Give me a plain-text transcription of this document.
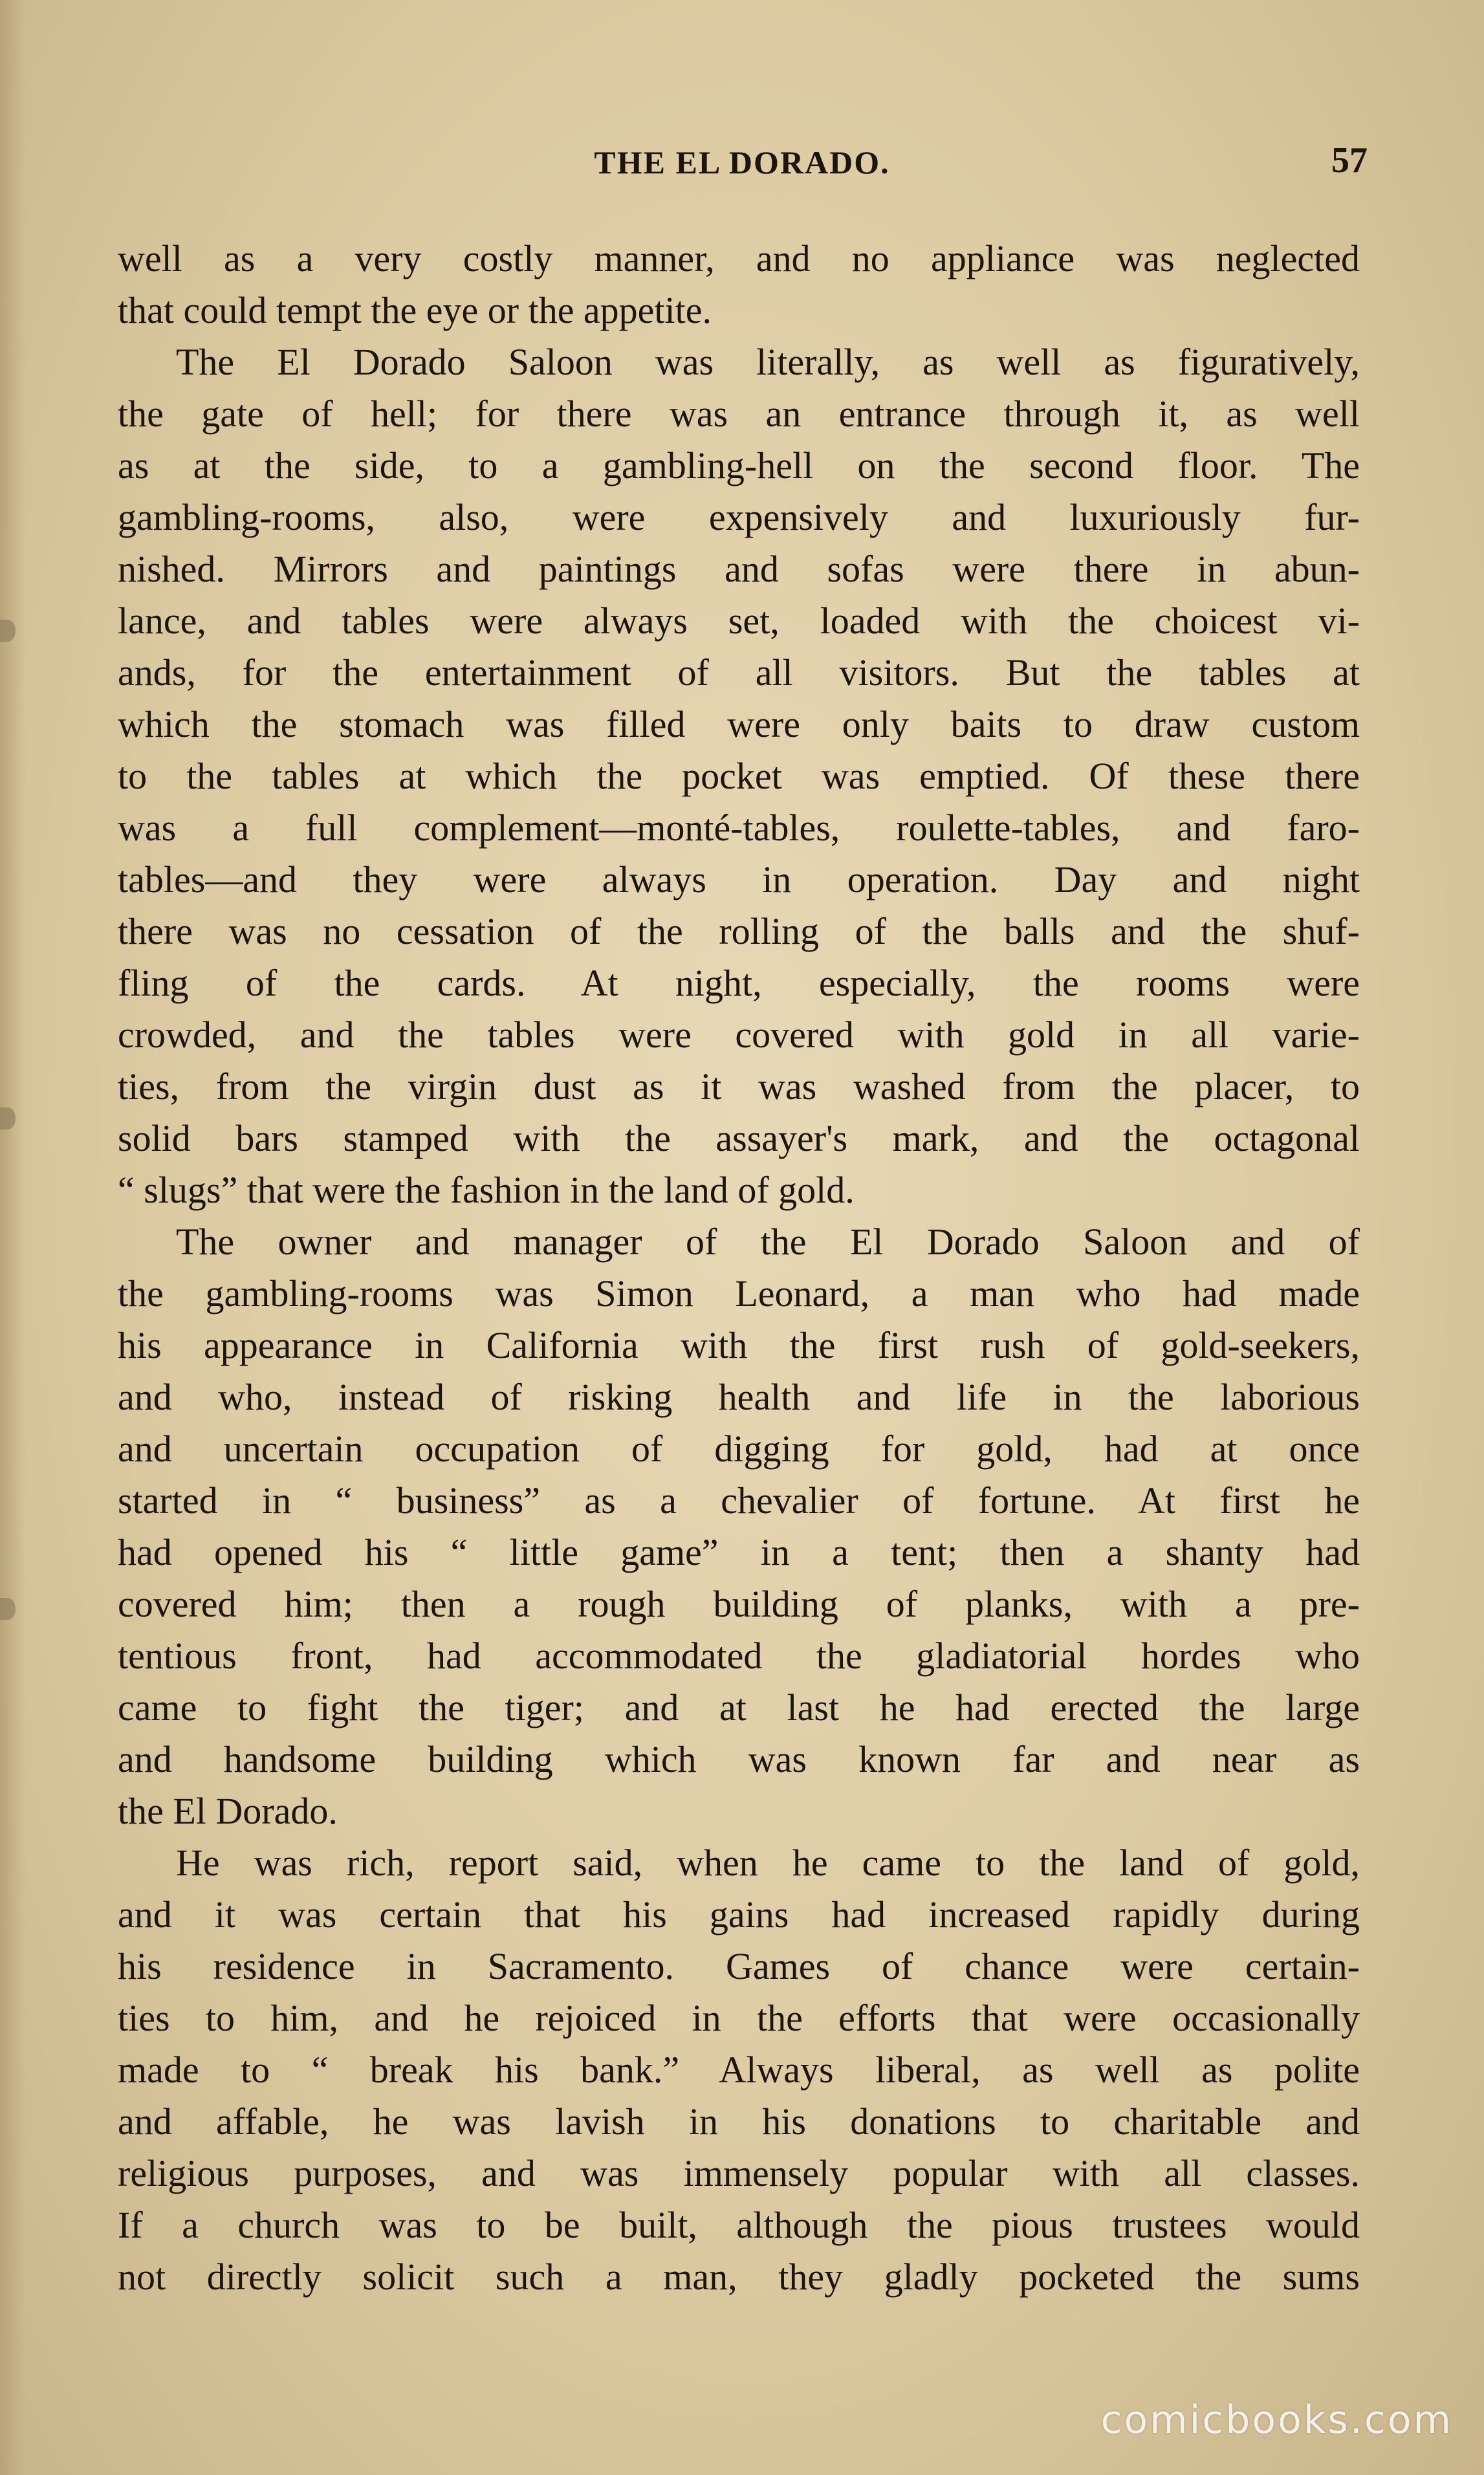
THE EL DORADO.	57
well as a very costly manner, and no appliance was neglected
that could tempt the eye or the appetite.
The El Dorado Saloon was literally, as well as figuratively,
the gate of hell; for there was an entrance through it, as well
as at the side, to a gambling-hell on the second floor. The
gambling-rooms, also, were expensively and luxuriously fur-
nished. Mirrors and paintings and sofas were there in abun-
lance, and tables were always set, loaded with the choicest vi-
ands, for the entertainment of all visitors. But the tables at
which the stomach was filled were only baits to draw custom
to the tables at which the pocket was emptied. Of these there
was a full complement—monté-tables, roulette-tables, and faro-
tables—and they were always in operation. Day and night
there was no cessation of the rolling of the balls and the shuf-
fling of the cards. At night, especially, the rooms were
crowded, and the tables were covered with gold in all varie-
ties, from the virgin dust as it was washed from the placer, to
solid bars stamped with the assayer's mark, and the octagonal
“ slugs” that were the fashion in the land of gold.
The owner and manager of the El Dorado Saloon and of
the gambling-rooms was Simon Leonard, a man who had made
his appearance in California with the first rush of gold-seekers,
and who, instead of risking health and life in the laborious
and uncertain occupation of digging for gold, had at once
started in “ business” as a chevalier of fortune. At first he
had opened his “ little game” in a tent; then a shanty had
covered him; then a rough building of planks, with a pre-
tentious front, had accommodated the gladiatorial hordes who
came to fight the tiger; and at last he had erected the large
and handsome building which was known far and near as
the El Dorado.
He was rich, report said, when he came to the land of gold,
and it was certain that his gains had increased rapidly during
his residence in Sacramento. Games of chance were certain-
ties to him, and he rejoiced in the efforts that were occasionally
made to “ break his bank.” Always liberal, as well as polite
and affable, he was lavish in his donations to charitable and
religious purposes, and was immensely popular with all classes.
If a church was to be built, although the pious trustees would
not directly solicit such a man, they gladly pocketed the sums
comicbooks.com
